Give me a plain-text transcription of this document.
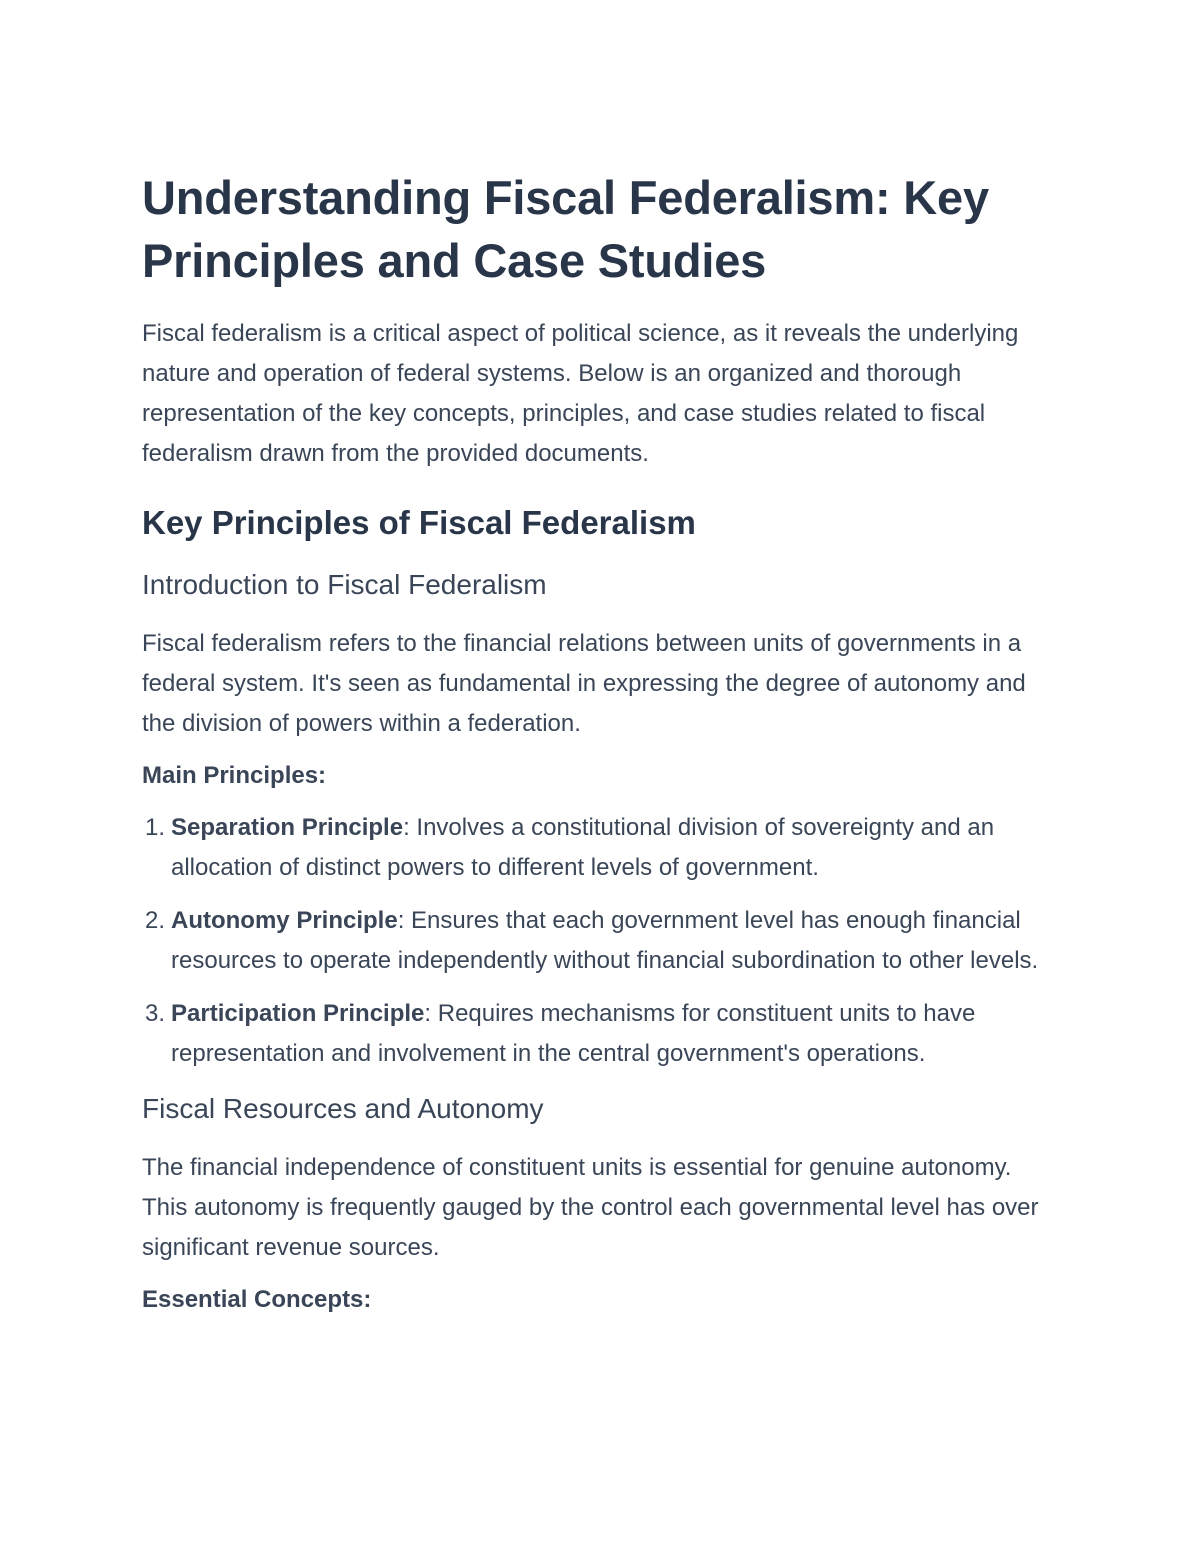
Understanding Fiscal Federalism: Key Principles and Case Studies

Fiscal federalism is a critical aspect of political science, as it reveals the underlying nature and operation of federal systems. Below is an organized and thorough representation of the key concepts, principles, and case studies related to fiscal federalism drawn from the provided documents.

Key Principles of Fiscal Federalism
Introduction to Fiscal Federalism

Fiscal federalism refers to the financial relations between units of governments in a federal system. It's seen as fundamental in expressing the degree of autonomy and the division of powers within a federation.

Main Principles:

1. Separation Principle: Involves a constitutional division of sovereignty and an allocation of distinct powers to different levels of government.
2. Autonomy Principle: Ensures that each government level has enough financial resources to operate independently without financial subordination to other levels.
3. Participation Principle: Requires mechanisms for constituent units to have representation and involvement in the central government's operations.
Fiscal Resources and Autonomy

The financial independence of constituent units is essential for genuine autonomy. This autonomy is frequently gauged by the control each governmental level has over significant revenue sources.

Essential Concepts:
